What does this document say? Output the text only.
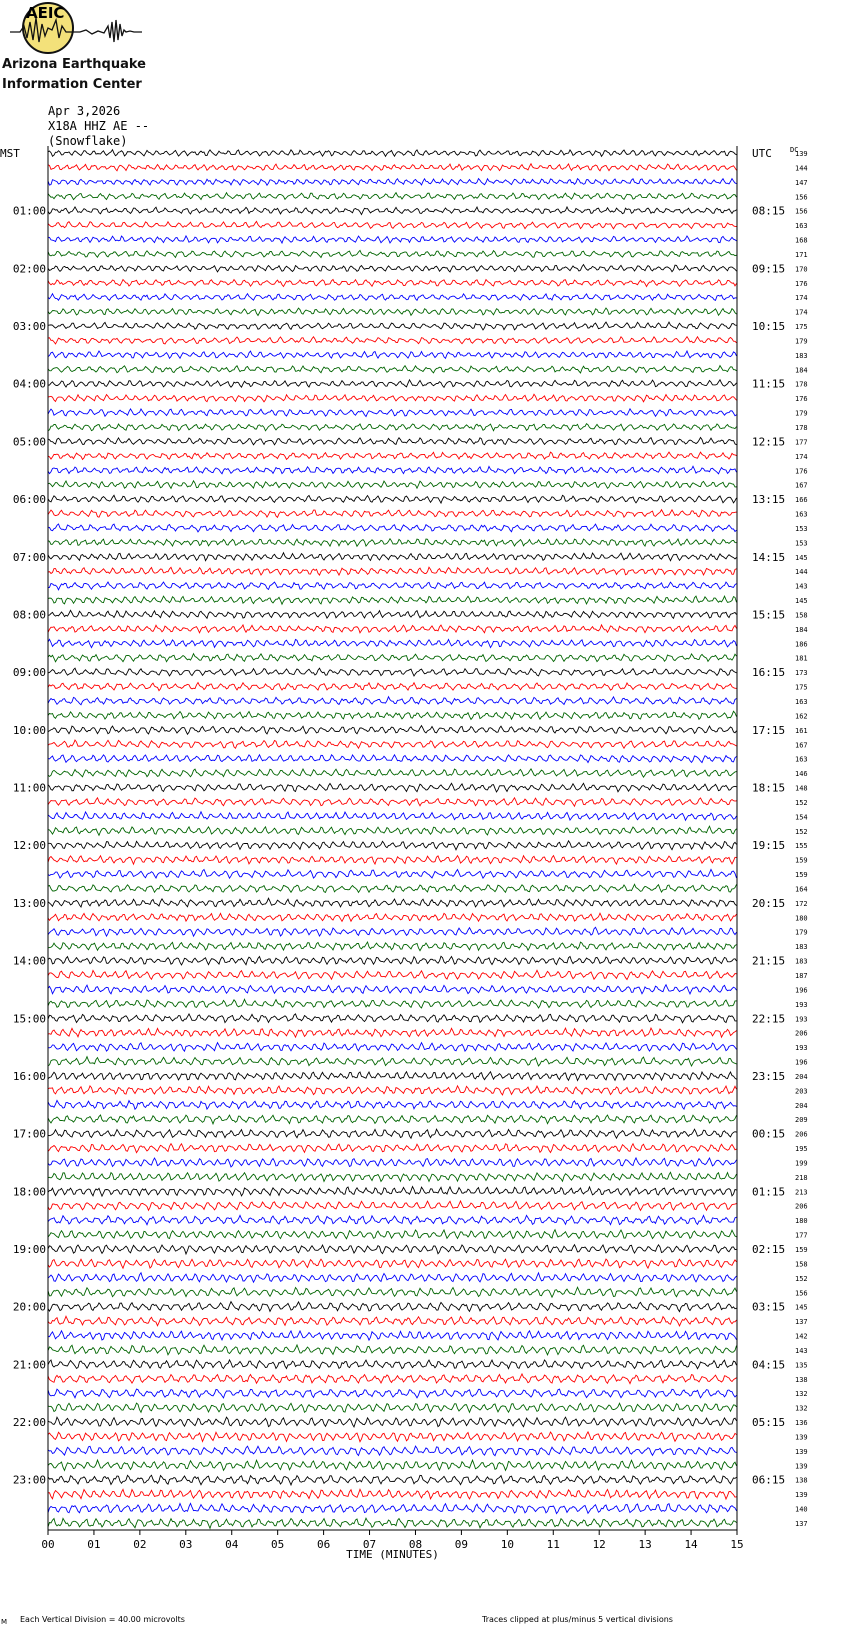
MST
01:00
02:00
03:00
04:00
05:00
06:00
07:00
08:00
09:00
10:00
11:00
12:00
13:00
14:00
15:00
16:00
17:00
18:00
19:00
20:00
21:00
22:00
23:00
UTC
08:15
09:15
10:15
11:15
12:15
13:15
14:15
15:15
16:15
17:15
18:15
19:15
20:15
21:15
22:15
23:15
00:15
01:15
02:15
03:15
04:15
05:15
06:15
DC
139
144
147
156
156
163
168
171
170
176
174
174
175
179
183
184
178
176
179
178
177
174
176
167
166
163
153
153
145
144
143
145
158
184
186
181
173
175
163
162
161
167
163
146
148
152
154
152
155
159
159
164
172
180
179
183
183
187
196
193
193
206
193
196
204
203
204
209
206
195
199
218
213
206
180
177
159
158
152
156
145
137
142
143
135
138
132
132
136
139
139
139
138
139
140
137
00	01	02	03	04	05	06	07	08	09	10	11	12	13	14	15
TIME (MINUTES)
AEIC
Arizona Earthquake
Information Center
Apr 3,2026
X18A HHZ AE --
(Snowflake)
Each Vertical Division = 40.00 microvolts	Traces clipped at plus/minus 5 vertical divisions
M
